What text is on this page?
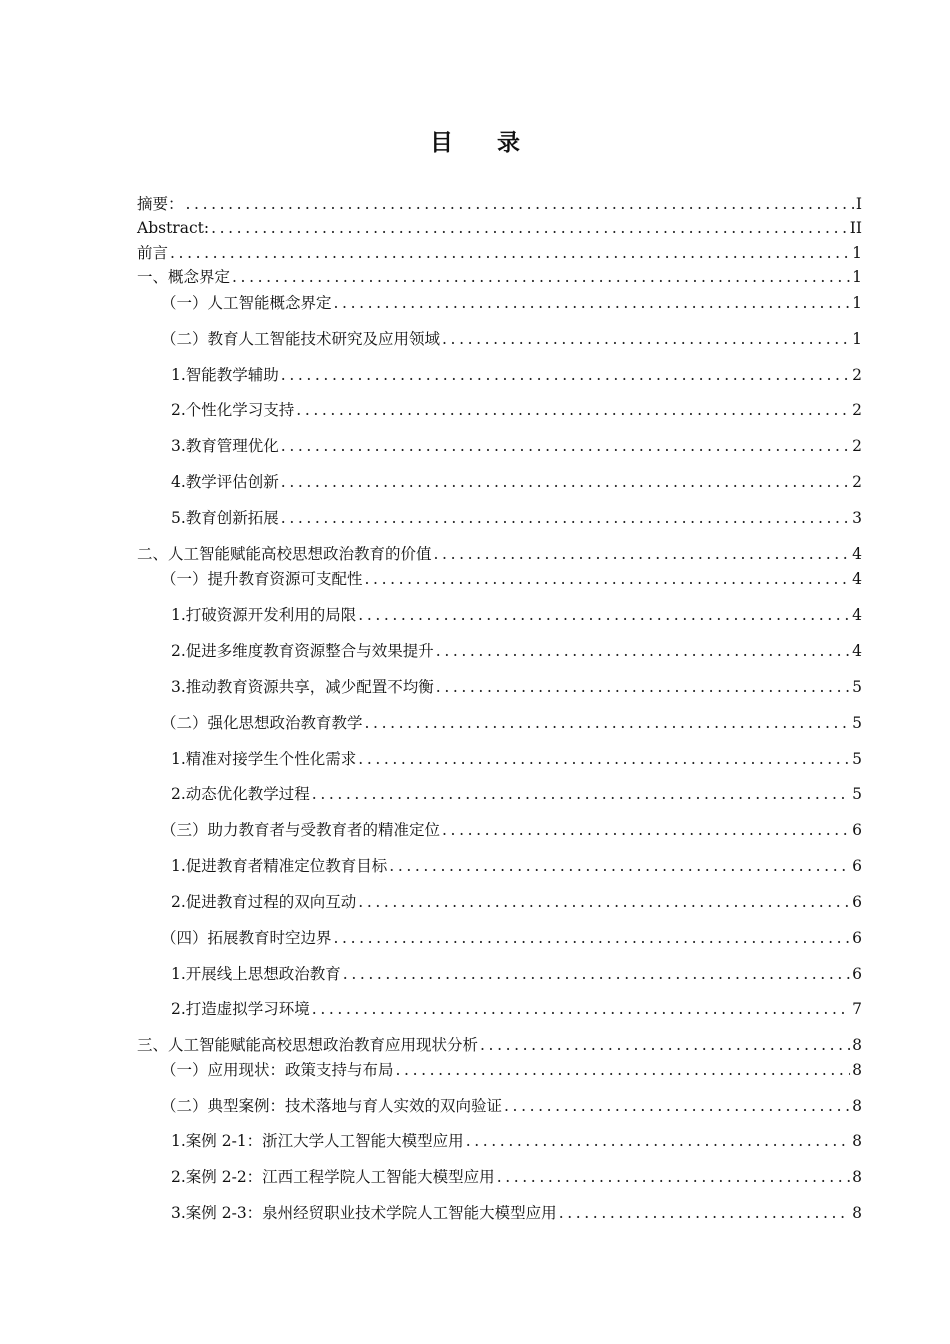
目 录
摘要： .....	I
Abstract: .....	II
前言 .....	1
一、概念界定 .....	1
（一）人工智能概念界定 .....	1
（二）教育人工智能技术研究及应用领域 .....	1
1.智能教学辅助 .....	2
2.个性化学习支持 .....	2
3.教育管理优化 .....	2
4.教学评估创新 .....	2
5.教育创新拓展 .....	3
二、人工智能赋能高校思想政治教育的价值 .....	4
（一）提升教育资源可支配性 .....	4
1.打破资源开发利用的局限 .....	4
2.促进多维度教育资源整合与效果提升 .....	4
3.推动教育资源共享，减少配置不均衡 .....	5
（二）强化思想政治教育教学 .....	5
1.精准对接学生个性化需求 .....	5
2.动态优化教学过程 .....	5
（三）助力教育者与受教育者的精准定位 .....	6
1.促进教育者精准定位教育目标 .....	6
2.促进教育过程的双向互动 .....	6
（四）拓展教育时空边界 .....	6
1.开展线上思想政治教育 .....	6
2.打造虚拟学习环境 .....	7
三、人工智能赋能高校思想政治教育应用现状分析 .....	8
（一）应用现状：政策支持与布局 .....	8
（二）典型案例：技术落地与育人实效的双向验证 .....	8
1.案例 2-1：浙江大学人工智能大模型应用 .....	8
2.案例 2-2：江西工程学院人工智能大模型应用 .....	8
3.案例 2-3：泉州经贸职业技术学院人工智能大模型应用 .....	8
